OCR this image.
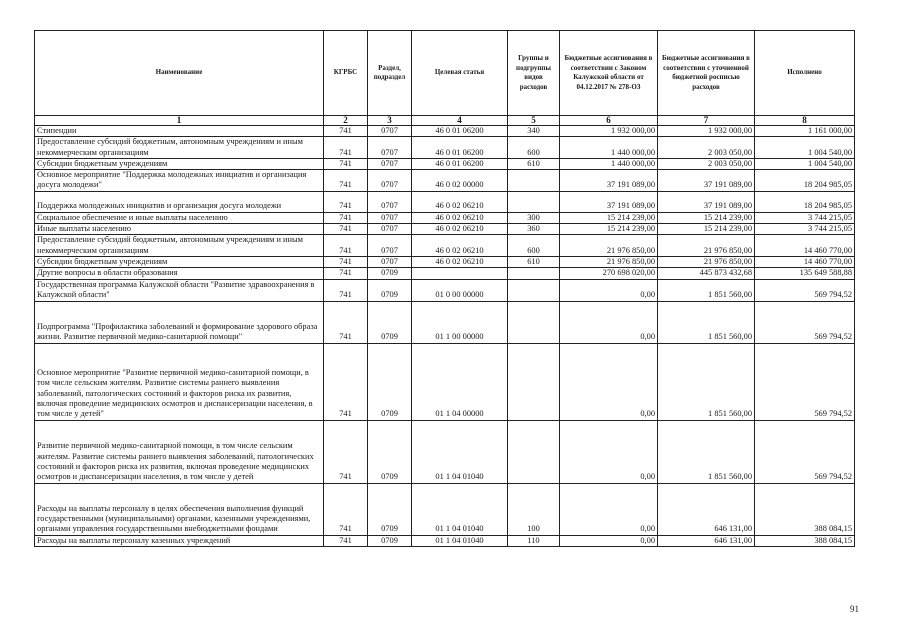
Наименование	КГРБС	Раздел, подраздел	Целевая статья	Группы и подгруппы видов расходов	Бюджетные ассигнования в соответствии с Законом Калужской области от 04.12.2017 № 278-ОЗ	Бюджетные ассигнования в соответствии с уточненной бюджетной росписью расходов	Исполнено
1	2	3	4	5	6	7	8
Стипендии	741	0707	46 0 01 06200	340	1 932 000,00	1 932 000,00	1 161 000,00
Предоставление субсидий бюджетным, автономным учреждениям и иным некоммерческим организациям	741	0707	46 0 01 06200	600	1 440 000,00	2 003 050,00	1 004 540,00
Субсидии бюджетным учреждениям	741	0707	46 0 01 06200	610	1 440 000,00	2 003 050,00	1 004 540,00
Основное мероприятие "Поддержка молодежных инициатив и организация досуга молодежи"	741	0707	46 0 02 00000		37 191 089,00	37 191 089,00	18 204 985,05
Поддержка молодежных инициатив и организация досуга молодежи	741	0707	46 0 02 06210		37 191 089,00	37 191 089,00	18 204 985,05
Социальное обеспечение и иные выплаты населению	741	0707	46 0 02 06210	300	15 214 239,00	15 214 239,00	3 744 215,05
Иные выплаты населению	741	0707	46 0 02 06210	360	15 214 239,00	15 214 239,00	3 744 215,05
Предоставление субсидий бюджетным, автономным учреждениям и иным некоммерческим организациям	741	0707	46 0 02 06210	600	21 976 850,00	21 976 850,00	14 460 770,00
Субсидии бюджетным учреждениям	741	0707	46 0 02 06210	610	21 976 850,00	21 976 850,00	14 460 770,00
Другие вопросы в области образования	741	0709			270 698 020,00	445 873 432,68	135 649 588,88
Государственная программа Калужской области "Развитие здравоохранения в Калужской области"	741	0709	01 0 00 00000		0,00	1 851 560,00	569 794,52
Подпрограмма "Профилактика заболеваний и формирование здорового образа жизни. Развитие первичной медико-санитарной помощи"	741	0709	01 1 00 00000		0,00	1 851 560,00	569 794,52
Основное мероприятие "Развитие первичной медико-санитарной помощи, в том числе сельским жителям. Развитие системы раннего выявления заболеваний, патологических состояний и факторов риска их развития, включая проведение медицинских осмотров и диспансеризации населения, в том числе у детей"	741	0709	01 1 04 00000		0,00	1 851 560,00	569 794,52
Развитие первичной медико-санитарной помощи, в том числе сельским жителям. Развитие системы раннего выявления заболеваний, патологических состояний и факторов риска их развития, включая проведение медицинских осмотров и диспансеризации населения, в том числе у детей	741	0709	01 1 04 01040		0,00	1 851 560,00	569 794,52
Расходы на выплаты персоналу в целях обеспечения выполнения функций государственными (муниципальными) органами, казенными учреждениями, органами управления государственными внебюджетными фондами	741	0709	01 1 04 01040	100	0,00	646 131,00	388 084,15
Расходы на выплаты персоналу казенных учреждений	741	0709	01 1 04 01040	110	0,00	646 131,00	388 084,15
91
